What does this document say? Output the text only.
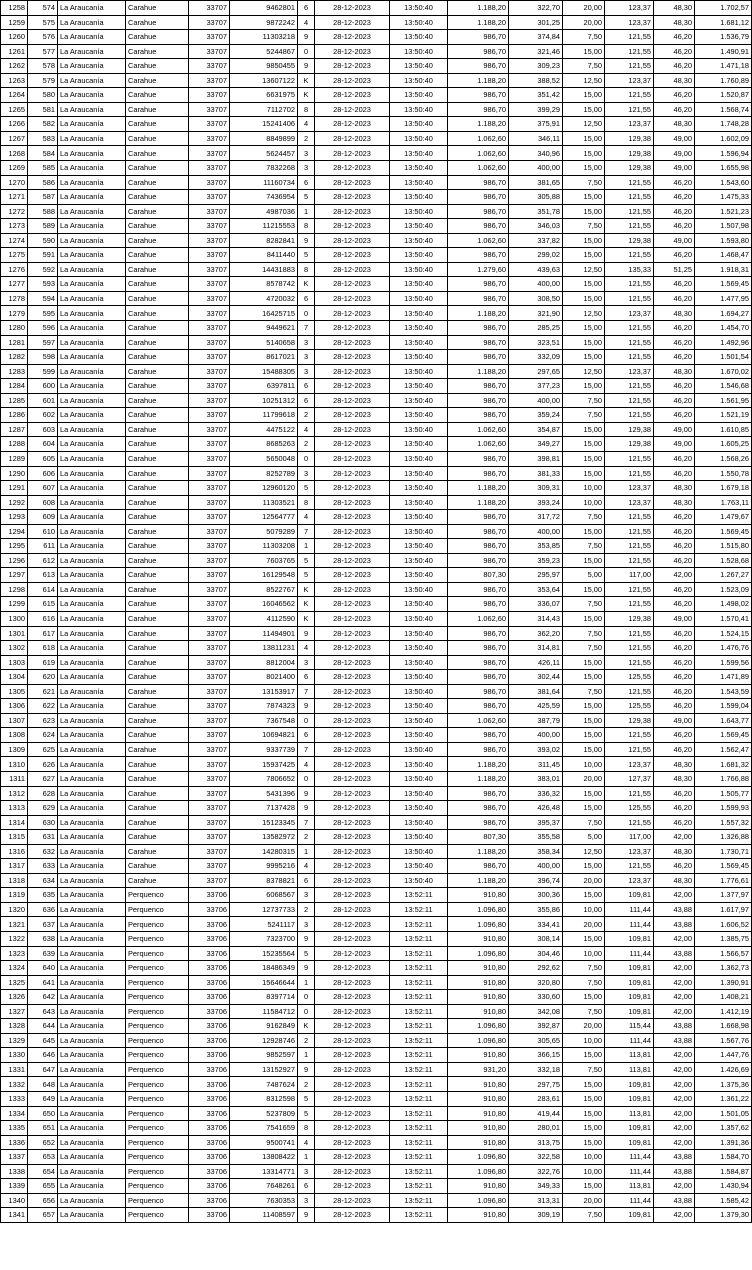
1258	574	La Araucanía	Carahue	33707	9462801	6	28-12-2023	13:50:40	1.188,20	322,70	20,00	123,37	48,30	1.702,57
1259	575	La Araucanía	Carahue	33707	9872242	4	28-12-2023	13:50:40	1.188,20	301,25	20,00	123,37	48,30	1.681,12
1260	576	La Araucanía	Carahue	33707	11303218	9	28-12-2023	13:50:40	986,70	374,84	7,50	121,55	46,20	1.536,79
1261	577	La Araucanía	Carahue	33707	5244867	0	28-12-2023	13:50:40	986,70	321,46	15,00	121,55	46,20	1.490,91
1262	578	La Araucanía	Carahue	33707	9850455	9	28-12-2023	13:50:40	986,70	309,23	7,50	121,55	46,20	1.471,18
1263	579	La Araucanía	Carahue	33707	13607122	K	28-12-2023	13:50:40	1.188,20	388,52	12,50	123,37	48,30	1.760,89
1264	580	La Araucanía	Carahue	33707	6631975	K	28-12-2023	13:50:40	986,70	351,42	15,00	121,55	46,20	1.520,87
1265	581	La Araucanía	Carahue	33707	7112702	8	28-12-2023	13:50:40	986,70	399,29	15,00	121,55	46,20	1.568,74
1266	582	La Araucanía	Carahue	33707	15241406	4	28-12-2023	13:50:40	1.188,20	375,91	12,50	123,37	48,30	1.748,28
1267	583	La Araucanía	Carahue	33707	8849899	2	28-12-2023	13:50:40	1.062,60	346,11	15,00	129,38	49,00	1.602,09
1268	584	La Araucanía	Carahue	33707	5624457	3	28-12-2023	13:50:40	1.062,60	340,96	15,00	129,38	49,00	1.596,94
1269	585	La Araucanía	Carahue	33707	7832268	3	28-12-2023	13:50:40	1.062,60	400,00	15,00	129,38	49,00	1.655,98
1270	586	La Araucanía	Carahue	33707	11160734	6	28-12-2023	13:50:40	986,70	381,65	7,50	121,55	46,20	1.543,60
1271	587	La Araucanía	Carahue	33707	7436954	5	28-12-2023	13:50:40	986,70	305,88	15,00	121,55	46,20	1.475,33
1272	588	La Araucanía	Carahue	33707	4987036	1	28-12-2023	13:50:40	986,70	351,78	15,00	121,55	46,20	1.521,23
1273	589	La Araucanía	Carahue	33707	11215553	8	28-12-2023	13:50:40	986,70	346,03	7,50	121,55	46,20	1.507,98
1274	590	La Araucanía	Carahue	33707	8282841	9	28-12-2023	13:50:40	1.062,60	337,82	15,00	129,38	49,00	1.593,80
1275	591	La Araucanía	Carahue	33707	8411440	5	28-12-2023	13:50:40	986,70	299,02	15,00	121,55	46,20	1.468,47
1276	592	La Araucanía	Carahue	33707	14431883	8	28-12-2023	13:50:40	1.279,60	439,63	12,50	135,33	51,25	1.918,31
1277	593	La Araucanía	Carahue	33707	8578742	K	28-12-2023	13:50:40	986,70	400,00	15,00	121,55	46,20	1.569,45
1278	594	La Araucanía	Carahue	33707	4720032	6	28-12-2023	13:50:40	986,70	308,50	15,00	121,55	46,20	1.477,95
1279	595	La Araucanía	Carahue	33707	16425715	0	28-12-2023	13:50:40	1.188,20	321,90	12,50	123,37	48,30	1.694,27
1280	596	La Araucanía	Carahue	33707	9449621	7	28-12-2023	13:50:40	986,70	285,25	15,00	121,55	46,20	1.454,70
1281	597	La Araucanía	Carahue	33707	5140658	3	28-12-2023	13:50:40	986,70	323,51	15,00	121,55	46,20	1.492,96
1282	598	La Araucanía	Carahue	33707	8617021	3	28-12-2023	13:50:40	986,70	332,09	15,00	121,55	46,20	1.501,54
1283	599	La Araucanía	Carahue	33707	15488305	3	28-12-2023	13:50:40	1.188,20	297,65	12,50	123,37	48,30	1.670,02
1284	600	La Araucanía	Carahue	33707	6397811	6	28-12-2023	13:50:40	986,70	377,23	15,00	121,55	46,20	1.546,68
1285	601	La Araucanía	Carahue	33707	10251312	6	28-12-2023	13:50:40	986,70	400,00	7,50	121,55	46,20	1.561,95
1286	602	La Araucanía	Carahue	33707	11799618	2	28-12-2023	13:50:40	986,70	359,24	7,50	121,55	46,20	1.521,19
1287	603	La Araucanía	Carahue	33707	4475122	4	28-12-2023	13:50:40	1.062,60	354,87	15,00	129,38	49,00	1.610,85
1288	604	La Araucanía	Carahue	33707	8685263	2	28-12-2023	13:50:40	1.062,60	349,27	15,00	129,38	49,00	1.605,25
1289	605	La Araucanía	Carahue	33707	5650048	0	28-12-2023	13:50:40	986,70	398,81	15,00	121,55	46,20	1.568,26
1290	606	La Araucanía	Carahue	33707	8252789	3	28-12-2023	13:50:40	986,70	381,33	15,00	121,55	46,20	1.550,78
1291	607	La Araucanía	Carahue	33707	12960120	5	28-12-2023	13:50:40	1.188,20	309,31	10,00	123,37	48,30	1.679,18
1292	608	La Araucanía	Carahue	33707	11303521	8	28-12-2023	13:50:40	1.188,20	393,24	10,00	123,37	48,30	1.763,11
1293	609	La Araucanía	Carahue	33707	12564777	4	28-12-2023	13:50:40	986,70	317,72	7,50	121,55	46,20	1.479,67
1294	610	La Araucanía	Carahue	33707	5079289	7	28-12-2023	13:50:40	986,70	400,00	15,00	121,55	46,20	1.569,45
1295	611	La Araucanía	Carahue	33707	11303208	1	28-12-2023	13:50:40	986,70	353,85	7,50	121,55	46,20	1.515,80
1296	612	La Araucanía	Carahue	33707	7603765	5	28-12-2023	13:50:40	986,70	359,23	15,00	121,55	46,20	1.528,68
1297	613	La Araucanía	Carahue	33707	16129548	5	28-12-2023	13:50:40	807,30	295,97	5,00	117,00	42,00	1.267,27
1298	614	La Araucanía	Carahue	33707	8522767	K	28-12-2023	13:50:40	986,70	353,64	15,00	121,55	46,20	1.523,09
1299	615	La Araucanía	Carahue	33707	16046562	K	28-12-2023	13:50:40	986,70	336,07	7,50	121,55	46,20	1.498,02
1300	616	La Araucanía	Carahue	33707	4112590	K	28-12-2023	13:50:40	1.062,60	314,43	15,00	129,38	49,00	1.570,41
1301	617	La Araucanía	Carahue	33707	11494901	9	28-12-2023	13:50:40	986,70	362,20	7,50	121,55	46,20	1.524,15
1302	618	La Araucanía	Carahue	33707	13811231	4	28-12-2023	13:50:40	986,70	314,81	7,50	121,55	46,20	1.476,76
1303	619	La Araucanía	Carahue	33707	8812004	3	28-12-2023	13:50:40	986,70	426,11	15,00	121,55	46,20	1.599,56
1304	620	La Araucanía	Carahue	33707	8021400	6	28-12-2023	13:50:40	986,70	302,44	15,00	125,55	46,20	1.471,89
1305	621	La Araucanía	Carahue	33707	13153917	7	28-12-2023	13:50:40	986,70	381,64	7,50	121,55	46,20	1.543,59
1306	622	La Araucanía	Carahue	33707	7874323	9	28-12-2023	13:50:40	986,70	425,59	15,00	125,55	46,20	1.599,04
1307	623	La Araucanía	Carahue	33707	7367548	0	28-12-2023	13:50:40	1.062,60	387,79	15,00	129,38	49,00	1.643,77
1308	624	La Araucanía	Carahue	33707	10694821	6	28-12-2023	13:50:40	986,70	400,00	15,00	121,55	46,20	1.569,45
1309	625	La Araucanía	Carahue	33707	9337739	7	28-12-2023	13:50:40	986,70	393,02	15,00	121,55	46,20	1.562,47
1310	626	La Araucanía	Carahue	33707	15937425	4	28-12-2023	13:50:40	1.188,20	311,45	10,00	123,37	48,30	1.681,32
1311	627	La Araucanía	Carahue	33707	7806652	0	28-12-2023	13:50:40	1.188,20	383,01	20,00	127,37	48,30	1.766,88
1312	628	La Araucanía	Carahue	33707	5431396	9	28-12-2023	13:50:40	986,70	336,32	15,00	121,55	46,20	1.505,77
1313	629	La Araucanía	Carahue	33707	7137428	9	28-12-2023	13:50:40	986,70	426,48	15,00	125,55	46,20	1.599,93
1314	630	La Araucanía	Carahue	33707	15123345	7	28-12-2023	13:50:40	986,70	395,37	7,50	121,55	46,20	1.557,32
1315	631	La Araucanía	Carahue	33707	13582972	2	28-12-2023	13:50:40	807,30	355,58	5,00	117,00	42,00	1.326,88
1316	632	La Araucanía	Carahue	33707	14280315	1	28-12-2023	13:50:40	1.188,20	358,34	12,50	123,37	48,30	1.730,71
1317	633	La Araucanía	Carahue	33707	9995216	4	28-12-2023	13:50:40	986,70	400,00	15,00	121,55	46,20	1.569,45
1318	634	La Araucanía	Carahue	33707	8378821	6	28-12-2023	13:50:40	1.188,20	396,74	20,00	123,37	48,30	1.776,61
1319	635	La Araucanía	Perquenco	33706	6068567	3	28-12-2023	13:52:11	910,80	300,36	15,00	109,81	42,00	1.377,97
1320	636	La Araucanía	Perquenco	33706	12737733	2	28-12-2023	13:52:11	1.096,80	355,86	10,00	111,44	43,88	1.617,97
1321	637	La Araucanía	Perquenco	33706	5241117	3	28-12-2023	13:52:11	1.096,80	334,41	20,00	111,44	43,88	1.606,52
1322	638	La Araucanía	Perquenco	33706	7323700	9	28-12-2023	13:52:11	910,80	308,14	15,00	109,81	42,00	1.385,75
1323	639	La Araucanía	Perquenco	33706	15235564	5	28-12-2023	13:52:11	1.096,80	304,46	10,00	111,44	43,88	1.566,57
1324	640	La Araucanía	Perquenco	33706	18486349	9	28-12-2023	13:52:11	910,80	292,62	7,50	109,81	42,00	1.362,73
1325	641	La Araucanía	Perquenco	33706	15646644	1	28-12-2023	13:52:11	910,80	320,80	7,50	109,81	42,00	1.390,91
1326	642	La Araucanía	Perquenco	33706	8397714	0	28-12-2023	13:52:11	910,80	330,60	15,00	109,81	42,00	1.408,21
1327	643	La Araucanía	Perquenco	33706	11584712	0	28-12-2023	13:52:11	910,80	342,08	7,50	109,81	42,00	1.412,19
1328	644	La Araucanía	Perquenco	33706	9162849	K	28-12-2023	13:52:11	1.096,80	392,87	20,00	115,44	43,88	1.668,98
1329	645	La Araucanía	Perquenco	33706	12928746	2	28-12-2023	13:52:11	1.096,80	305,65	10,00	111,44	43,88	1.567,76
1330	646	La Araucanía	Perquenco	33706	9852597	1	28-12-2023	13:52:11	910,80	366,15	15,00	113,81	42,00	1.447,76
1331	647	La Araucanía	Perquenco	33706	13152927	9	28-12-2023	13:52:11	931,20	332,18	7,50	113,81	42,00	1.426,69
1332	648	La Araucanía	Perquenco	33706	7487624	2	28-12-2023	13:52:11	910,80	297,75	15,00	109,81	42,00	1.375,36
1333	649	La Araucanía	Perquenco	33706	8312598	5	28-12-2023	13:52:11	910,80	283,61	15,00	109,81	42,00	1.361,22
1334	650	La Araucanía	Perquenco	33706	5237809	5	28-12-2023	13:52:11	910,80	419,44	15,00	113,81	42,00	1.501,05
1335	651	La Araucanía	Perquenco	33706	7541659	8	28-12-2023	13:52:11	910,80	280,01	15,00	109,81	42,00	1.357,62
1336	652	La Araucanía	Perquenco	33706	9500741	4	28-12-2023	13:52:11	910,80	313,75	15,00	109,81	42,00	1.391,36
1337	653	La Araucanía	Perquenco	33706	13808422	1	28-12-2023	13:52:11	1.096,80	322,58	10,00	111,44	43,88	1.584,70
1338	654	La Araucanía	Perquenco	33706	13314771	3	28-12-2023	13:52:11	1.096,80	322,76	10,00	111,44	43,88	1.584,87
1339	655	La Araucanía	Perquenco	33706	7648261	6	28-12-2023	13:52:11	910,80	349,33	15,00	113,81	42,00	1.430,94
1340	656	La Araucanía	Perquenco	33706	7630353	3	28-12-2023	13:52:11	1.096,80	313,31	20,00	111,44	43,88	1.585,42
1341	657	La Araucanía	Perquenco	33706	11408597	9	28-12-2023	13:52:11	910,80	309,19	7,50	109,81	42,00	1.379,30
